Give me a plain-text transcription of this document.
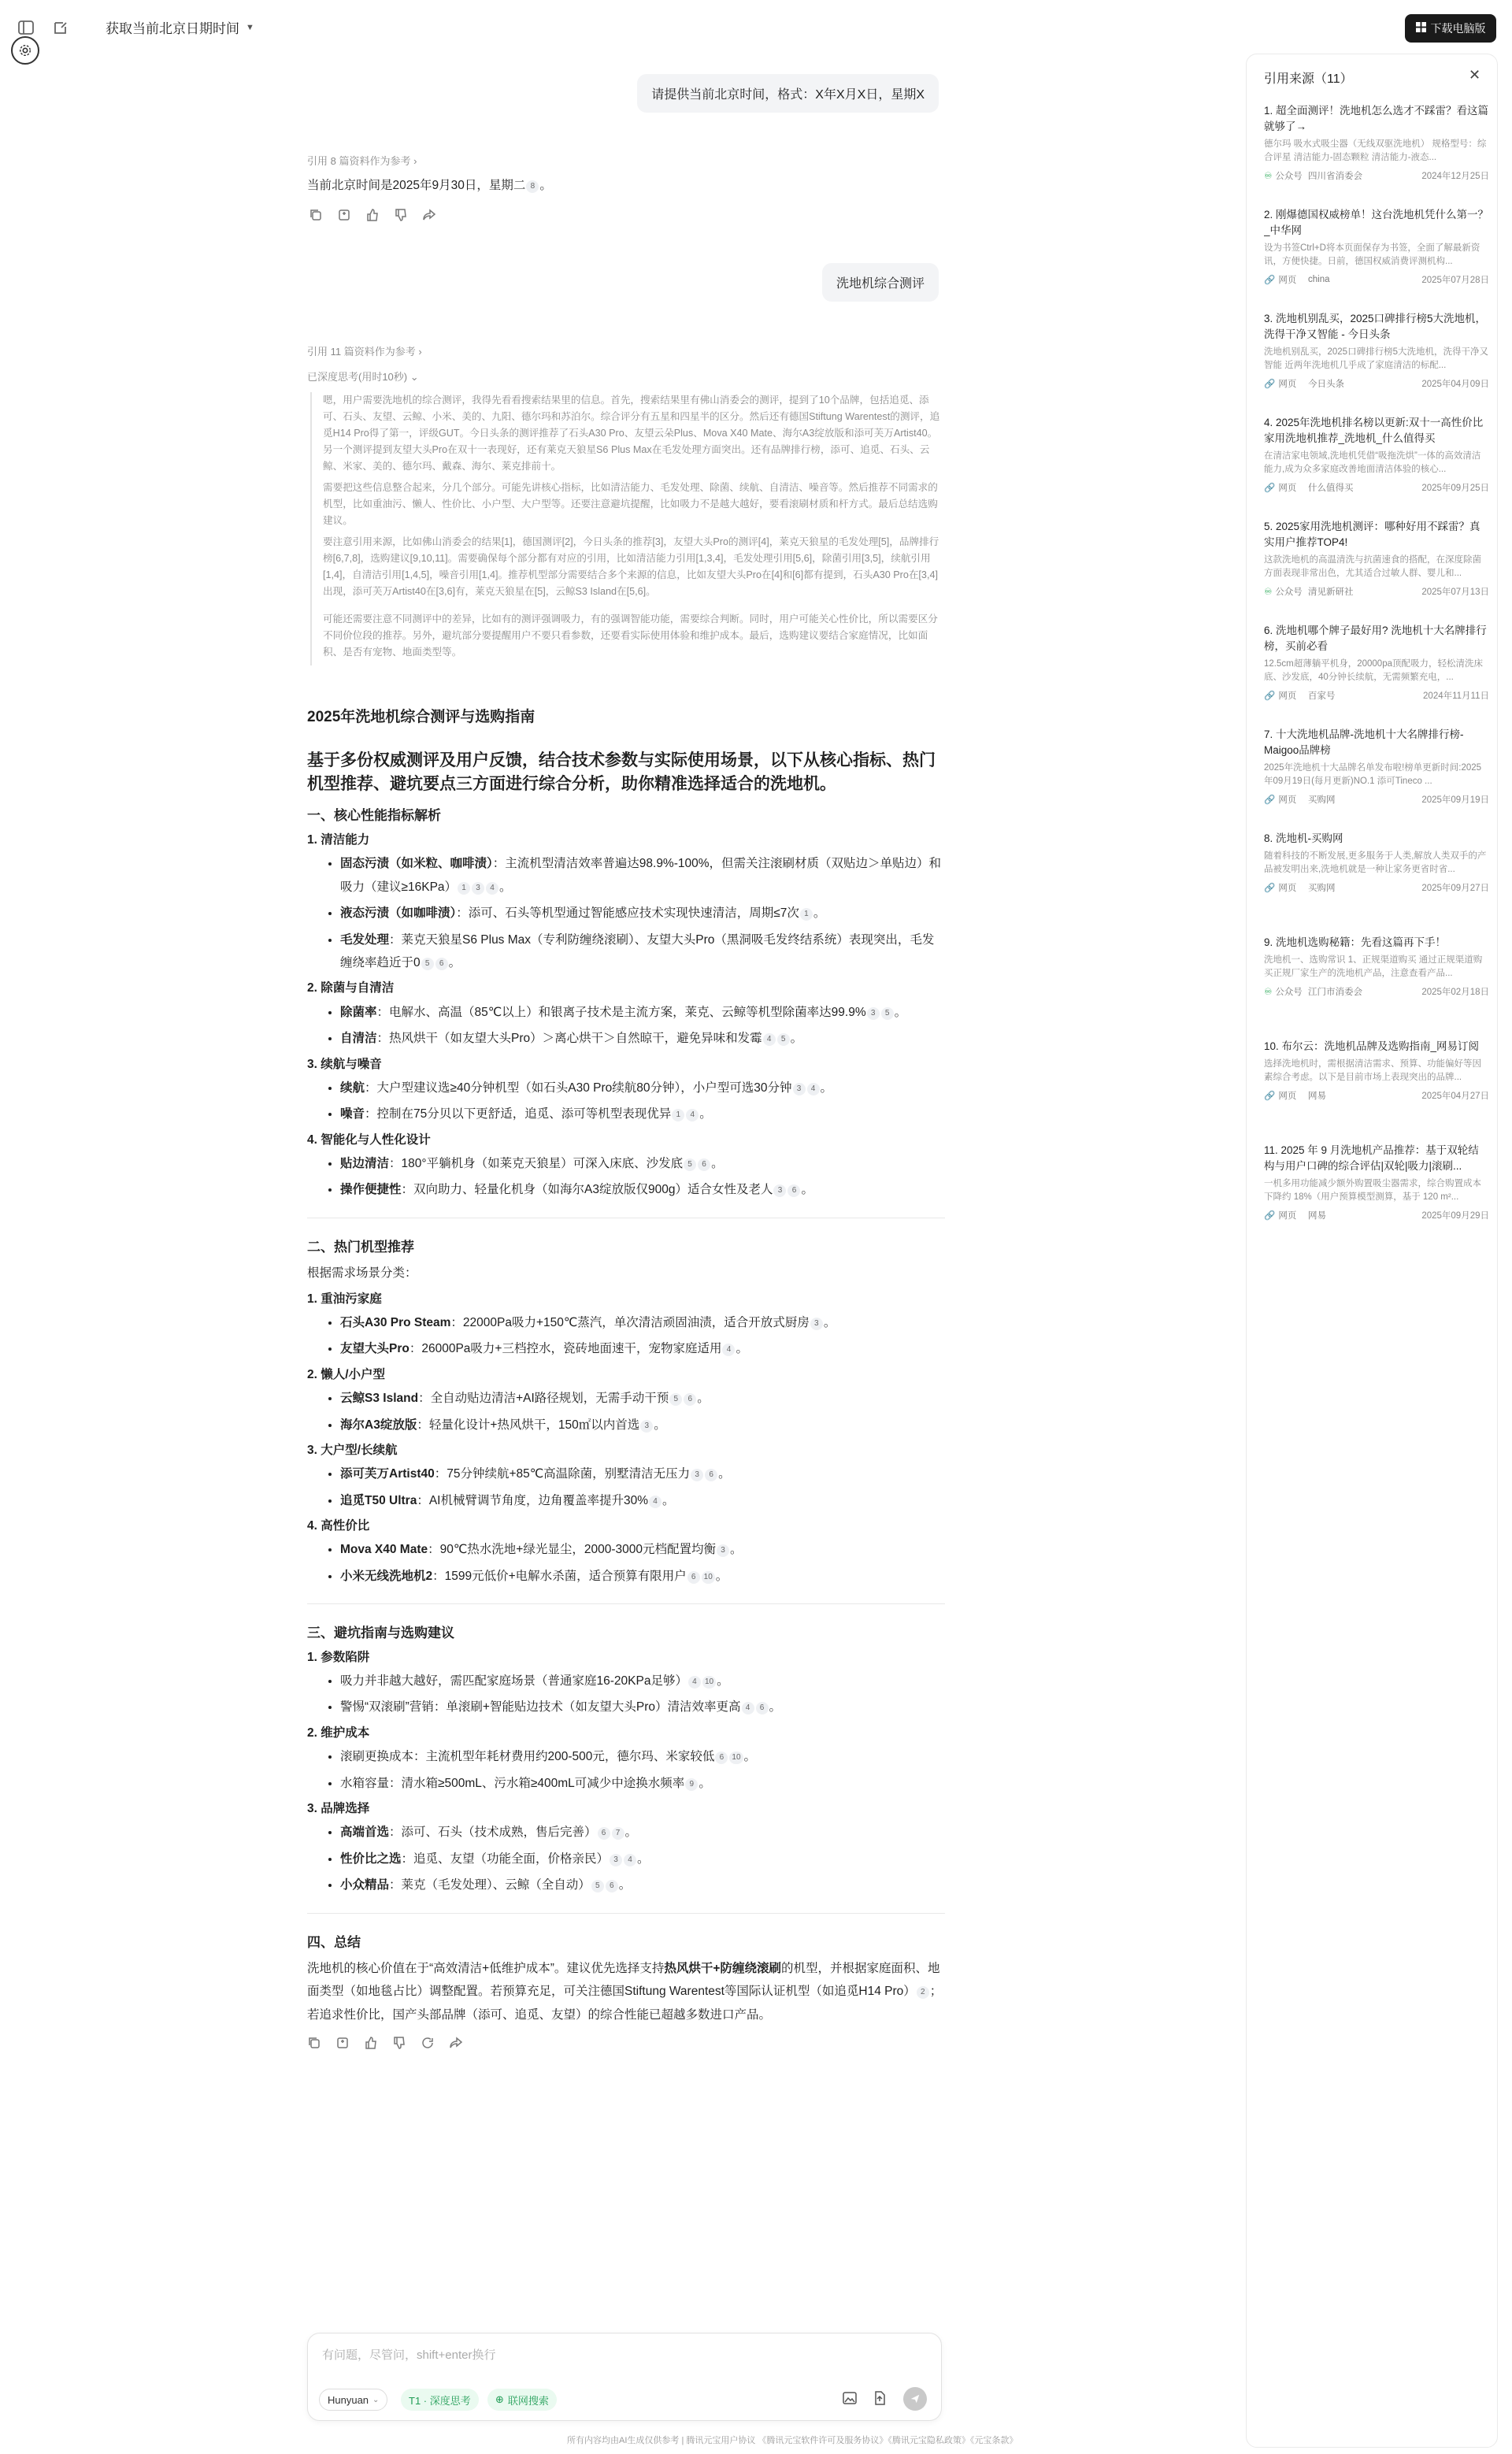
获取当前北京日期时间 ▼	下载电脑版
请提供当前北京时间，格式：X年X月X日，星期X
引用 8 篇资料作为参考 ›
当前北京时间是2025年9月30日，星期二 8 。
洗地机综合测评
引用 11 篇资料作为参考 ›
已深度思考(用时10秒) ⌄

嗯，用户需要洗地机的综合测评，我得先看看搜索结果里的信息。首先，搜索结果里有佛山消委会的测评，提到了10个品牌，包括追觅、添可、石头、友望、云鲸、小米、美的、九阳、德尔玛和苏泊尔。综合评分有五星和四星半的区分。然后还有德国Stiftung Warentest的测评，追觅H14 Pro得了第一，评级GUT。今日头条的测评推荐了石头A30 Pro、友望云朵Plus、Mova X40 Mate、海尔A3绽放版和添可芙万Artist40。另一个测评提到友望大头Pro在双十一表现好，还有莱克天狼星S6 Plus Max在毛发处理方面突出。还有品牌排行榜，添可、追觅、石头、云鲸、米家、美的、德尔玛、戴森、海尔、莱克排前十。

需要把这些信息整合起来，分几个部分。可能先讲核心指标，比如清洁能力、毛发处理、除菌、续航、自清洁、噪音等。然后推荐不同需求的机型，比如重油污、懒人、性价比、小户型、大户型等。还要注意避坑提醒，比如吸力不是越大越好，要看滚刷材质和杆方式。最后总结选购建议。

要注意引用来源，比如佛山消委会的结果[1]，德国测评[2]，今日头条的推荐[3]，友望大头Pro的测评[4]，莱克天狼星的毛发处理[5]，品牌排行榜[6,7,8]，选购建议[9,10,11]。需要确保每个部分都有对应的引用，比如清洁能力引用[1,3,4]，毛发处理引用[5,6]，除菌引用[3,5]，续航引用[1,4]，自清洁引用[1,4,5]，噪音引用[1,4]。推荐机型部分需要结合多个来源的信息，比如友望大头Pro在[4]和[6]都有提到，石头A30 Pro在[3,4]出现，添可芙万Artist40在[3,6]有，莱克天狼星在[5]，云鲸S3 Island在[5,6]。

可能还需要注意不同测评中的差异，比如有的测评强调吸力，有的强调智能功能，需要综合判断。同时，用户可能关心性价比，所以需要区分不同价位段的推荐。另外，避坑部分要提醒用户不要只看参数，还要看实际使用体验和维护成本。最后，选购建议要结合家庭情况，比如面积、是否有宠物、地面类型等。

2025年洗地机综合测评与选购指南
基于多份权威测评及用户反馈，结合技术参数与实际使用场景，以下从核心指标、热门机型推荐、避坑要点三方面进行综合分析，助你精准选择适合的洗地机。
一、核心性能指标解析
1. 清洁能力
• 固态污渍（如米粒、咖啡渍）：主流机型清洁效率普遍达98.9%-100%，但需关注滚刷材质（双贴边＞单贴边）和吸力（建议≥16KPa） 1 3 4 。
• 液态污渍（如咖啡渍）：添可、石头等机型通过智能感应技术实现快速清洁，周期≤7次 1 。
• 毛发处理：莱克天狼星S6 Plus Max（专利防缠绕滚刷）、友望大头Pro（黑洞吸毛发终结系统）表现突出，毛发缠绕率趋近于0 5 6 。
2. 除菌与自清洁
• 除菌率：电解水、高温（85℃以上）和银离子技术是主流方案，莱克、云鲸等机型除菌率达99.9% 3 5 。
• 自清洁：热风烘干（如友望大头Pro）＞离心烘干＞自然晾干，避免异味和发霉 4 5 。
3. 续航与噪音
• 续航：大户型建议选≥40分钟机型（如石头A30 Pro续航80分钟），小户型可选30分钟 3 4 。
• 噪音：控制在75分贝以下更舒适，追觅、添可等机型表现优异 1 4 。
4. 智能化与人性化设计
• 贴边清洁：180°平躺机身（如莱克天狼星）可深入床底、沙发底 5 6 。
• 操作便捷性：双向助力、轻量化机身（如海尔A3绽放版仅900g）适合女性及老人 3 6 。
二、热门机型推荐

根据需求场景分类：

1. 重油污家庭
• 石头A30 Pro Steam：22000Pa吸力+150℃蒸汽，单次清洁顽固油渍，适合开放式厨房 3 。
• 友望大头Pro：26000Pa吸力+三档控水，瓷砖地面速干，宠物家庭适用 4 。
2. 懒人/小户型
• 云鲸S3 Island：全自动贴边清洁+AI路径规划，无需手动干预 5 6 。
• 海尔A3绽放版：轻量化设计+热风烘干，150㎡以内首选 3 。
3. 大户型/长续航
• 添可芙万Artist40：75分钟续航+85℃高温除菌，别墅清洁无压力 3 6 。
• 追觅T50 Ultra：AI机械臂调节角度，边角覆盖率提升30% 4 。
4. 高性价比
• Mova X40 Mate：90℃热水洗地+绿光显尘，2000-3000元档配置均衡 3 。
• 小米无线洗地机2：1599元低价+电解水杀菌，适合预算有限用户 6 10 。
三、避坑指南与选购建议
1. 参数陷阱
• 吸力并非越大越好，需匹配家庭场景（普通家庭16-20KPa足够） 4 10 。
• 警惕“双滚刷”营销：单滚刷+智能贴边技术（如友望大头Pro）清洁效率更高 4 6 。
2. 维护成本
• 滚刷更换成本：主流机型年耗材费用约200-500元，德尔玛、米家较低 6 10 。
• 水箱容量：清水箱≥500mL、污水箱≥400mL可减少中途换水频率 9 。
3. 品牌选择
• 高端首选：添可、石头（技术成熟，售后完善） 6 7 。
• 性价比之选：追觅、友望（功能全面，价格亲民） 3 4 。
• 小众精品：莱克（毛发处理）、云鲸（全自动） 5 6 。
四、总结

洗地机的核心价值在于“高效清洁+低维护成本”。建议优先选择支持热风烘干+防缠绕滚刷的机型，并根据家庭面积、地面类型（如地毯占比）调整配置。若预算充足，可关注德国Stiftung Warentest等国际认证机型（如追觅H14 Pro） 2 ；若追求性价比，国产头部品牌（添可、追觅、友望）的综合性能已超越多数进口产品。

有问题，尽管问，shift+enter换行
Hunyuan ⌄	T1 · 深度思考 ⊕ 联网搜索
所有内容均由AI生成仅供参考 | 腾讯元宝用户协议 《腾讯元宝软件许可及服务协议》《腾讯元宝隐私政策》《元宝条款》
引用来源（11）	✕
1. 超全面测评！洗地机怎么选才不踩雷？看这篇就够了→
德尔玛 吸水式吸尘器（无线双驱洗地机） 规格型号：综合评星 清洁能力-固态颗粒 清洁能力-液态...
♾ 公众号 四川省消委会	2024年12月25日
2. 刚爆德国权威榜单！这台洗地机凭什么第一？_中华网
设为书签Ctrl+D将本页面保存为书签，全面了解最新资讯，方便快捷。日前，德国权威消费评测机构...
🔗 网页 china	2025年07月28日
3. 洗地机别乱买，2025口碑排行榜5大洗地机，洗得干净又智能 - 今日头条
洗地机别乱买，2025口碑排行榜5大洗地机，洗得干净又智能 近两年洗地机几乎成了家庭清洁的标配...
🔗 网页 今日头条	2025年04月09日
4. 2025年洗地机排名榜以更新:双十一高性价比家用洗地机推荐_洗地机_什么值得买
在清洁家电领域,洗地机凭借“吸拖洗烘”一体的高效清洁能力,成为众多家庭改善地面清洁体验的核心...
🔗 网页 什么值得买	2025年09月25日
5. 2025家用洗地机测评：哪种好用不踩雷？真实用户推荐TOP4!
这款洗地机的高温清洗与抗菌速食的搭配，在深度除菌方面表现非常出色，尤其适合过敏人群、婴儿和...
♾ 公众号 清见新研社	2025年07月13日
6. 洗地机哪个牌子最好用? 洗地机十大名牌排行榜，买前必看
12.5cm超薄躺平机身，20000pa顶配吸力，轻松清洗床底、沙发底，40分钟长续航，无需频繁充电，...
🔗 网页 百家号	2024年11月11日
7. 十大洗地机品牌-洗地机十大名牌排行榜-Maigoo品牌榜
2025年洗地机十大品牌名单发布啦!榜单更新时间:2025年09月19日(每月更新)NO.1 添可Tineco ...
🔗 网页 买购网	2025年09月19日
8. 洗地机-买购网
随着科技的不断发展,更多服务于人类,解放人类双手的产品被发明出来,洗地机就是一种让家务更省时省...
🔗 网页 买购网	2025年09月27日
9. 洗地机选购秘籍：先看这篇再下手！
洗地机一、选购常识 1、正规渠道购买 通过正规渠道购买正规厂家生产的洗地机产品，注意查看产品...
♾ 公众号 江门市消委会	2025年02月18日
10. 布尔云：洗地机品牌及选购指南_网易订阅
选择洗地机时，需根据清洁需求、预算、功能偏好等因素综合考虑。以下是目前市场上表现突出的品牌...
🔗 网页 网易	2025年04月27日
11. 2025 年 9 月洗地机产品推荐：基于双轮结构与用户口碑的综合评估|双轮|吸力|滚刷...
一机多用功能减少额外购置吸尘器需求，综合购置成本下降约 18%（用户预算模型测算，基于 120 m²...
🔗 网页 网易	2025年09月29日
